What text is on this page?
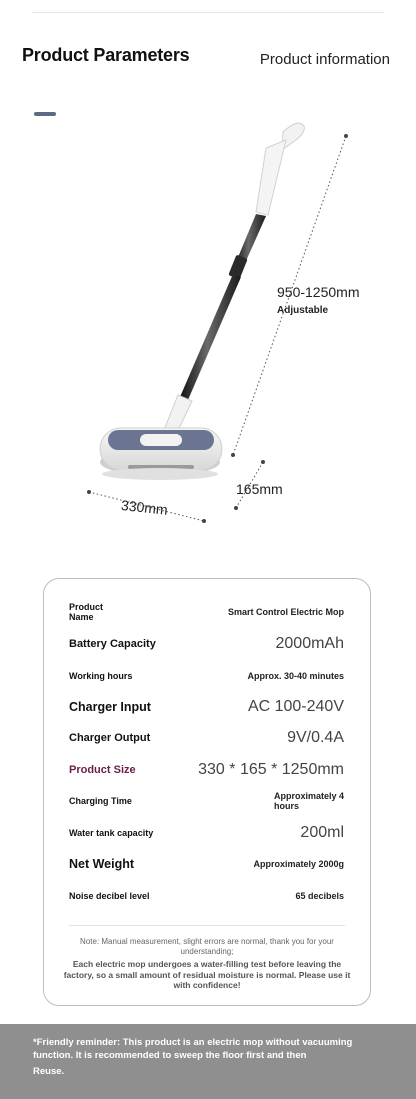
Product Parameters	Product information
950-1250mm
Adjustable
165mm
330mm
Product
Name	Smart Control Electric Mop
Battery Capacity	2000mAh
Working hours	Approx. 30-40 minutes
Charger Input	AC 100-240V
Charger Output	9V/0.4A
Product Size	330 * 165 * 1250mm
Charging Time	Approximately 4
hours
Water tank capacity	200ml
Net Weight	Approximately 2000g
Noise decibel level	65 decibels
Note: Manual measurement, slight errors are normal, thank you for your understanding;
Each electric mop undergoes a water-filling test before leaving the factory, so a small amount of residual moisture is normal. Please use it with confidence!
*Friendly reminder: This product is an electric mop without vacuuming function. It is recommended to sweep the floor first and then
Reuse.
